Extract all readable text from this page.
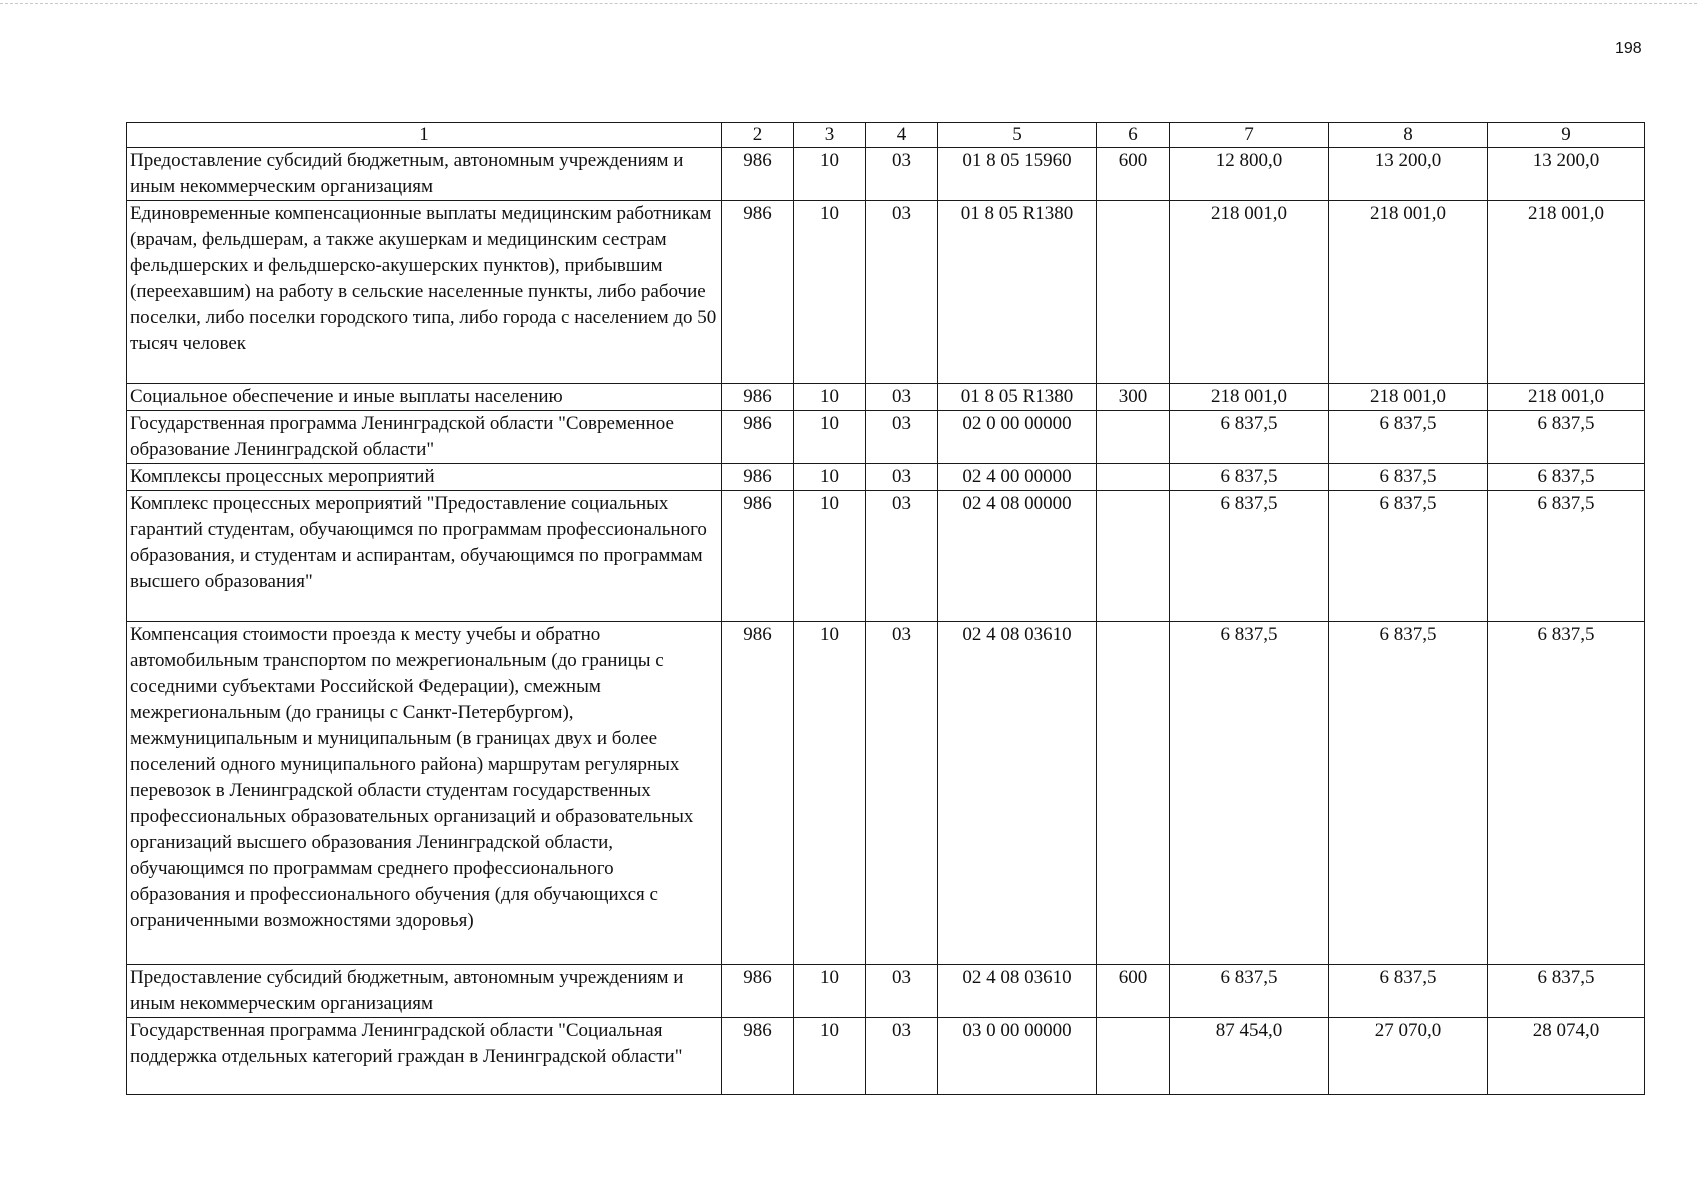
198
1	2	3	4	5	6	7	8	9
Предоставление субсидий бюджетным, автономным учреждениям и иным некоммерческим организациям	986	10	03	01 8 05 15960	600	12 800,0	13 200,0	13 200,0
Единовременные компенсационные выплаты медицинским работникам (врачам, фельдшерам, а также акушеркам и медицинским сестрам фельдшерских и фельдшерско-акушерских пунктов), прибывшим (переехавшим) на работу в сельские населенные пункты, либо рабочие поселки, либо поселки городского типа, либо города с населением до 50 тысяч человек	986	10	03	01 8 05 R1380		218 001,0	218 001,0	218 001,0
Социальное обеспечение и иные выплаты населению	986	10	03	01 8 05 R1380	300	218 001,0	218 001,0	218 001,0
Государственная программа Ленинградской области "Современное образование Ленинградской области"	986	10	03	02 0 00 00000		6 837,5	6 837,5	6 837,5
Комплексы процессных мероприятий	986	10	03	02 4 00 00000		6 837,5	6 837,5	6 837,5
Комплекс процессных мероприятий "Предоставление социальных гарантий студентам, обучающимся по программам профессионального образования, и студентам и аспирантам, обучающимся по программам высшего образования"	986	10	03	02 4 08 00000		6 837,5	6 837,5	6 837,5
Компенсация стоимости проезда к месту учебы и обратно автомобильным транспортом по межрегиональным (до границы с соседними субъектами Российской Федерации), смежным межрегиональным (до границы с Санкт-Петербургом), межмуниципальным и муниципальным (в границах двух и более поселений одного муниципального района) маршрутам регулярных перевозок в Ленинградской области студентам государственных профессиональных образовательных организаций и образовательных организаций высшего образования Ленинградской области, обучающимся по программам среднего профессионального образования и профессионального обучения (для обучающихся с ограниченными возможностями здоровья)	986	10	03	02 4 08 03610		6 837,5	6 837,5	6 837,5
Предоставление субсидий бюджетным, автономным учреждениям и иным некоммерческим организациям	986	10	03	02 4 08 03610	600	6 837,5	6 837,5	6 837,5
Государственная программа Ленинградской области "Социальная поддержка отдельных категорий граждан в Ленинградской области"	986	10	03	03 0 00 00000		87 454,0	27 070,0	28 074,0
